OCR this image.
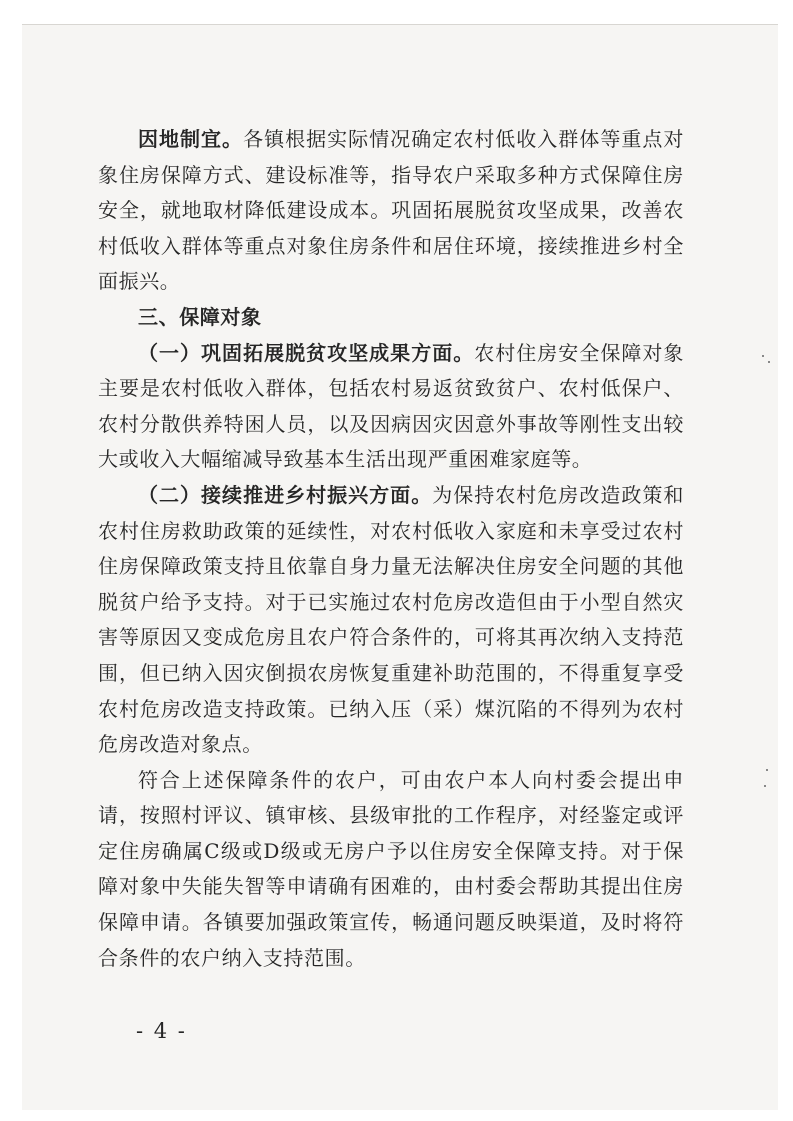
因地制宜。各镇根据实际情况确定农村低收入群体等重点对象住房保障方式、建设标准等，指导农户采取多种方式保障住房安全，就地取材降低建设成本。巩固拓展脱贫攻坚成果，改善农村低收入群体等重点对象住房条件和居住环境，接续推进乡村全面振兴。

三、保障对象

（一）巩固拓展脱贫攻坚成果方面。农村住房安全保障对象主要是农村低收入群体，包括农村易返贫致贫户、农村低保户、农村分散供养特困人员，以及因病因灾因意外事故等刚性支出较大或收入大幅缩减导致基本生活出现严重困难家庭等。

（二）接续推进乡村振兴方面。为保持农村危房改造政策和农村住房救助政策的延续性，对农村低收入家庭和未享受过农村住房保障政策支持且依靠自身力量无法解决住房安全问题的其他脱贫户给予支持。对于已实施过农村危房改造但由于小型自然灾害等原因又变成危房且农户符合条件的，可将其再次纳入支持范围，但已纳入因灾倒损农房恢复重建补助范围的，不得重复享受农村危房改造支持政策。已纳入压（采）煤沉陷的不得列为农村危房改造对象点。

符合上述保障条件的农户，可由农户本人向村委会提出申请，按照村评议、镇审核、县级审批的工作程序，对经鉴定或评定住房确属C级或D级或无房户予以住房安全保障支持。对于保障对象中失能失智等申请确有困难的，由村委会帮助其提出住房保障申请。各镇要加强政策宣传，畅通问题反映渠道，及时将符合条件的农户纳入支持范围。

- 4 -
